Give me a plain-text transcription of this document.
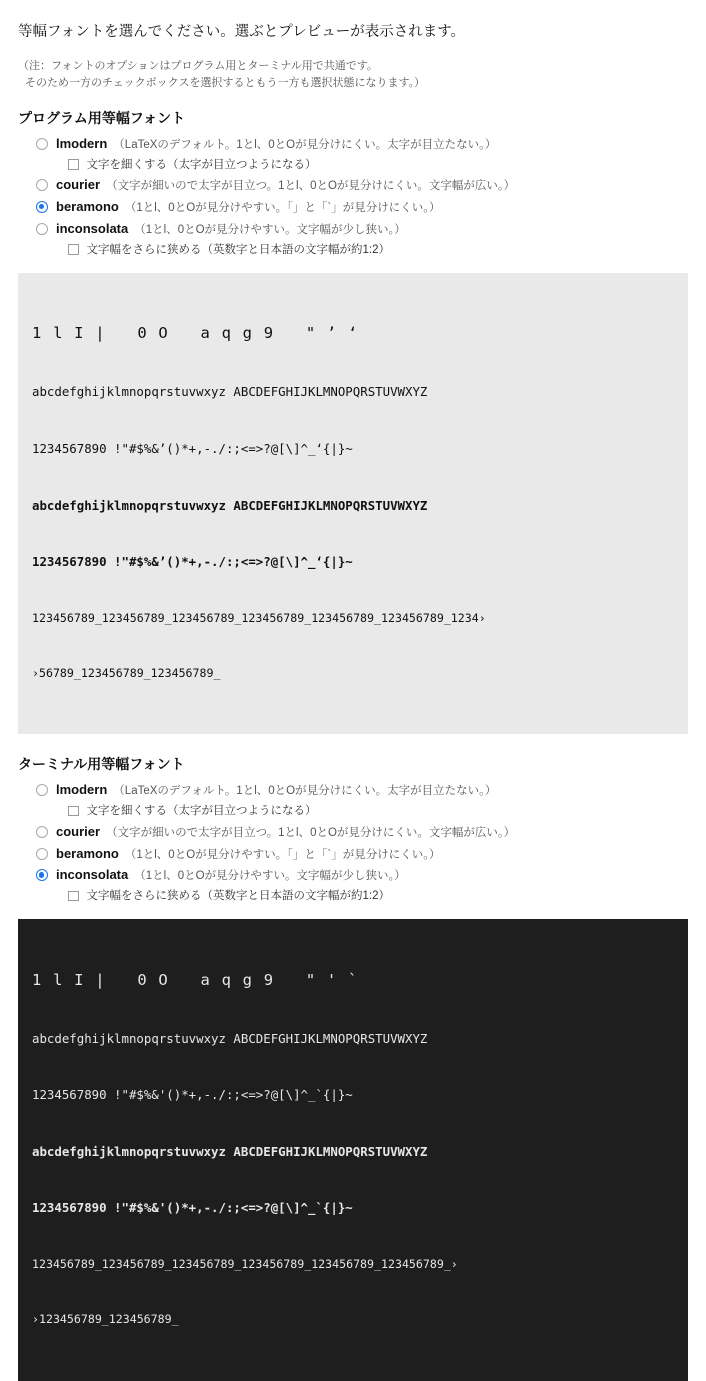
等幅フォントを選んでください。選ぶとプレビューが表示されます。

（注：フォントのオプションはプログラム用とターミナル用で共通です。
そのため一方のチェックボックスを選択するともう一方も選択状態になります。）
プログラム用等幅フォント
lmodern （LaTeXのデフォルト。1とl、0とOが見分けにくい。太字が目立たない。）
文字を細くする（太字が目立つようになる）
courier （文字が細いので太字が目立つ。1とl、0とOが見分けにくい。文字幅が広い。）
beramono （1とl、0とOが見分けやすい。「」と「`」が見分けにくい。）
inconsolata （1とl、0とOが見分けやすい。文字幅が少し狭い。）
文字幅をさらに狭める（英数字と日本語の文字幅が約1:2）

1 l I |   0 O   a q g 9   " ’ ‘

abcdefghijklmnopqrstuvwxyz ABCDEFGHIJKLMNOPQRSTUVWXYZ

1234567890 !"#$%&’()*+,-./:;<=>?@[\]^_‘{|}~

abcdefghijklmnopqrstuvwxyz ABCDEFGHIJKLMNOPQRSTUVWXYZ

1234567890 !"#$%&’()*+,-./:;<=>?@[\]^_‘{|}~

123456789_123456789_123456789_123456789_123456789_123456789_1234›

›56789_123456789_123456789_

ターミナル用等幅フォント
lmodern （LaTeXのデフォルト。1とl、0とOが見分けにくい。太字が目立たない。）
文字を細くする（太字が目立つようになる）
courier （文字が細いので太字が目立つ。1とl、0とOが見分けにくい。文字幅が広い。）
beramono （1とl、0とOが見分けやすい。「」と「`」が見分けにくい。）
inconsolata （1とl、0とOが見分けやすい。文字幅が少し狭い。）
文字幅をさらに狭める（英数字と日本語の文字幅が約1:2）

1 l I |   0 O   a q g 9   " ' `

abcdefghijklmnopqrstuvwxyz ABCDEFGHIJKLMNOPQRSTUVWXYZ

1234567890 !"#$%&'()*+,-./:;<=>?@[\]^_`{|}~

abcdefghijklmnopqrstuvwxyz ABCDEFGHIJKLMNOPQRSTUVWXYZ

1234567890 !"#$%&'()*+,-./:;<=>?@[\]^_`{|}~

123456789_123456789_123456789_123456789_123456789_123456789_›

›123456789_123456789_
